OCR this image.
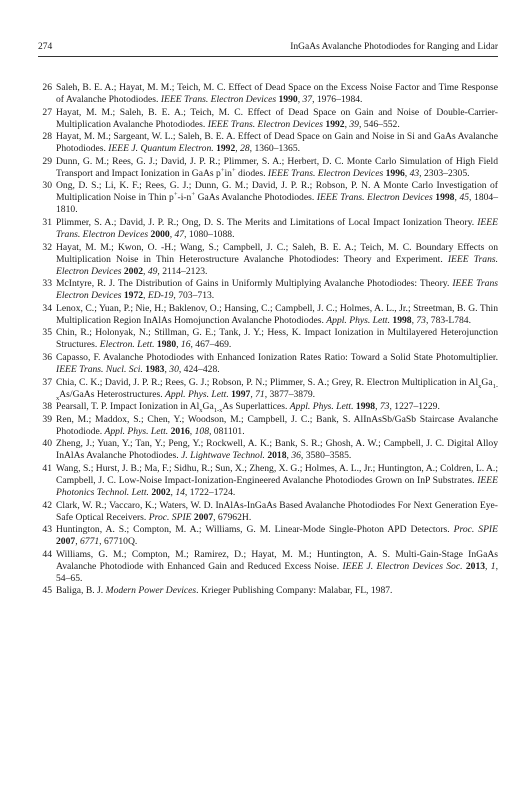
274	InGaAs Avalanche Photodiodes for Ranging and Lidar
26 Saleh, B. E. A.; Hayat, M. M.; Teich, M. C. Effect of Dead Space on the Excess Noise Factor and Time Response of Avalanche Photodiodes. IEEE Trans. Electron Devices 1990, 37, 1976–1984.
27 Hayat, M. M.; Saleh, B. E. A.; Teich, M. C. Effect of Dead Space on Gain and Noise of Double-Carrier-Multiplication Avalanche Photodiodes. IEEE Trans. Electron Devices 1992, 39, 546–552.
28 Hayat, M. M.; Sargeant, W. L.; Saleh, B. E. A. Effect of Dead Space on Gain and Noise in Si and GaAs Avalanche Photodiodes. IEEE J. Quantum Electron. 1992, 28, 1360–1365.
29 Dunn, G. M.; Rees, G. J.; David, J. P. R.; Plimmer, S. A.; Herbert, D. C. Monte Carlo Simulation of High Field Transport and Impact Ionization in GaAs p+in+ diodes. IEEE Trans. Electron Devices 1996, 43, 2303–2305.
30 Ong, D. S.; Li, K. F.; Rees, G. J.; Dunn, G. M.; David, J. P. R.; Robson, P. N. A Monte Carlo Investigation of Multiplication Noise in Thin p+-i-n+ GaAs Avalanche Photodiodes. IEEE Trans. Electron Devices 1998, 45, 1804–1810.
31 Plimmer, S. A.; David, J. P. R.; Ong, D. S. The Merits and Limitations of Local Impact Ionization Theory. IEEE Trans. Electron Devices 2000, 47, 1080–1088.
32 Hayat, M. M.; Kwon, O. -H.; Wang, S.; Campbell, J. C.; Saleh, B. E. A.; Teich, M. C. Boundary Effects on Multiplication Noise in Thin Heterostructure Avalanche Photodiodes: Theory and Experiment. IEEE Trans. Electron Devices 2002, 49, 2114–2123.
33 McIntyre, R. J. The Distribution of Gains in Uniformly Multiplying Avalanche Photodiodes: Theory. IEEE Trans Electron Devices 1972, ED-19, 703–713.
34 Lenox, C.; Yuan, P.; Nie, H.; Baklenov, O.; Hansing, C.; Campbell, J. C.; Holmes, A. L., Jr.; Streetman, B. G. Thin Multiplication Region InAlAs Homojunction Avalanche Photodiodes. Appl. Phys. Lett. 1998, 73, 783-L784.
35 Chin, R.; Holonyak, N.; Stillman, G. E.; Tank, J. Y.; Hess, K. Impact Ionization in Multilayered Heterojunction Structures. Electron. Lett. 1980, 16, 467–469.
36 Capasso, F. Avalanche Photodiodes with Enhanced Ionization Rates Ratio: Toward a Solid State Photomultiplier. IEEE Trans. Nucl. Sci. 1983, 30, 424–428.
37 Chia, C. K.; David, J. P. R.; Rees, G. J.; Robson, P. N.; Plimmer, S. A.; Grey, R. Electron Multiplication in $Al_xGa_{1-x}As$/GaAs Heterostructures. Appl. Phys. Lett. 1997, 71, 3877–3879.
38 Pearsall, T. P. Impact Ionization in $Al_xGa_{1-x}As$ Superlattices. Appl. Phys. Lett. 1998, 73, 1227–1229.
39 Ren, M.; Maddox, S.; Chen, Y.; Woodson, M.; Campbell, J. C.; Bank, S. AlInAsSb/GaSb Staircase Avalanche Photodiode. Appl. Phys. Lett. 2016, 108, 081101.
40 Zheng, J.; Yuan, Y.; Tan, Y.; Peng, Y.; Rockwell, A. K.; Bank, S. R.; Ghosh, A. W.; Campbell, J. C. Digital Alloy InAlAs Avalanche Photodiodes. J. Lightwave Technol. 2018, 36, 3580–3585.
41 Wang, S.; Hurst, J. B.; Ma, F.; Sidhu, R.; Sun, X.; Zheng, X. G.; Holmes, A. L., Jr.; Huntington, A.; Coldren, L. A.; Campbell, J. C. Low-Noise Impact-Ionization-Engineered Avalanche Photodiodes Grown on InP Substrates. IEEE Photonics Technol. Lett. 2002, 14, 1722–1724.
42 Clark, W. R.; Vaccaro, K.; Waters, W. D. InAlAs-InGaAs Based Avalanche Photodiodes For Next Generation Eye-Safe Optical Receivers. Proc. SPIE 2007, 67962H.
43 Huntington, A. S.; Compton, M. A.; Williams, G. M. Linear-Mode Single-Photon APD Detectors. Proc. SPIE 2007, 6771, 67710Q.
44 Williams, G. M.; Compton, M.; Ramirez, D.; Hayat, M. M.; Huntington, A. S. Multi-Gain-Stage InGaAs Avalanche Photodiode with Enhanced Gain and Reduced Excess Noise. IEEE J. Electron Devices Soc. 2013, 1, 54–65.
45 Baliga, B. J. Modern Power Devices. Krieger Publishing Company: Malabar, FL, 1987.
